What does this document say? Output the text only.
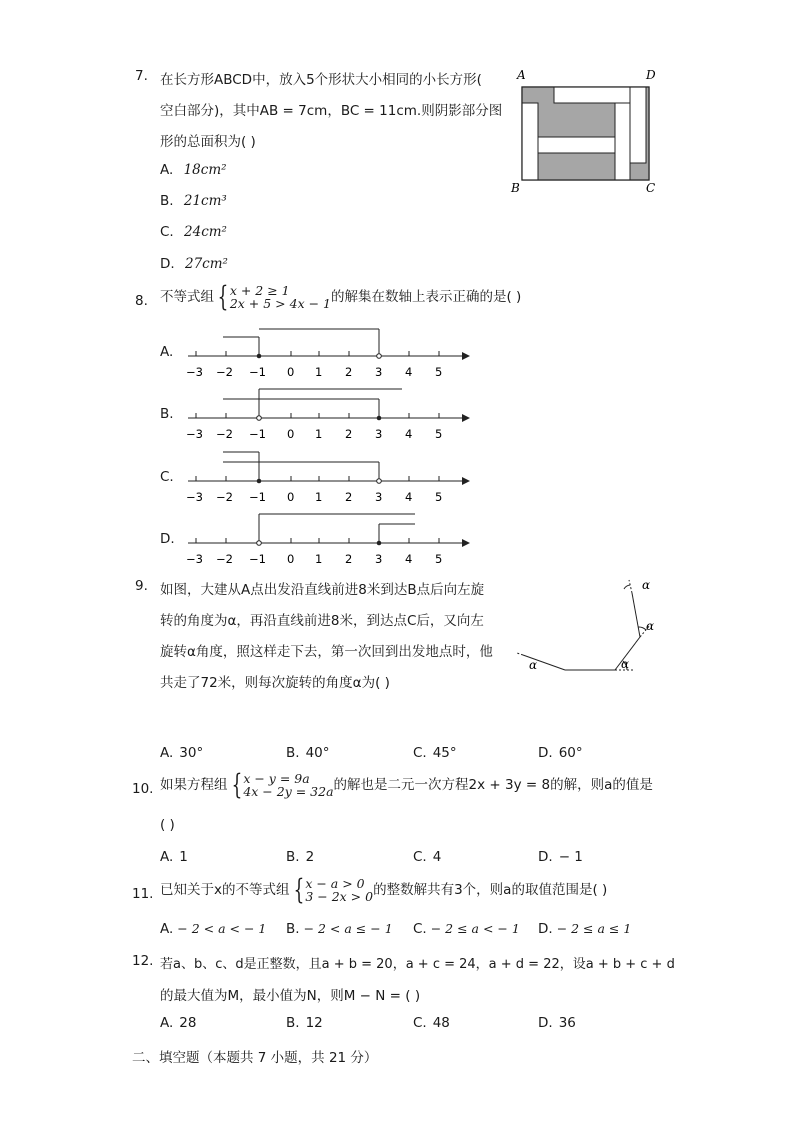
7. 在长方形ABCD中，放入5个形状大小相同的小长方形(
空白部分)，其中AB = 7cm，BC = 11cm.则阴影部分图
形的总面积为( )
A. 18cm²
B. 21cm³
C. 24cm²
D. 27cm²
A	D
B	C
8. 不等式组 { x + 2 ≥ 1
2x + 5 > 4x − 1 的解集在数轴上表示正确的是( )
A.
−3 −2 −1 0 1 2 3 4 5
B.
−3 −2 −1 0 1 2 3 4 5
C.
−3 −2 −1 0 1 2 3 4 5
D.
−3 −2 −1 0 1 2 3 4 5
9. 如图，大建从A点出发沿直线前进8米到达B点后向左旋
转的角度为α，再沿直线前进8米，到达点C后，又向左
旋转α角度，照这样走下去，第一次回到出发地点时，他
共走了72米，则每次旋转的角度α为( )
α
α
α
α
A. 30°	B. 40°	C. 45°	D. 60°
10. 如果方程组 { x − y = 9a
4x − 2y = 32a 的解也是二元一次方程2x + 3y = 8的解，则a的值是
( )
A. 1	B. 2	C. 4	D. − 1
11. 已知关于x的不等式组 { x − a > 0
3 − 2x > 0 的整数解共有3个，则a的取值范围是( )
A. − 2 < a < − 1 B. − 2 < a ≤ − 1 C. − 2 ≤ a < − 1 D. − 2 ≤ a ≤ 1
12. 若a、b、c、d是正整数，且a + b = 20，a + c = 24，a + d = 22，设a + b + c + d
的最大值为M，最小值为N，则M − N = ( )
A. 28	B. 12	C. 48	D. 36
二、填空题（本题共 7 小题，共 21 分）
